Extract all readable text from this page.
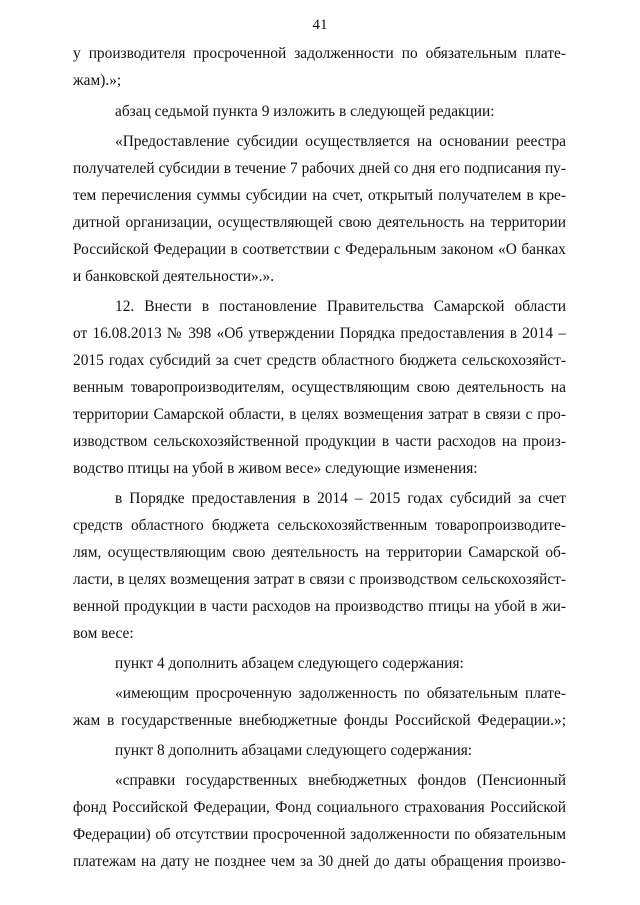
41
у производителя просроченной задолженности по обязательным плате-
жам).»;
абзац седьмой пункта 9 изложить в следующей редакции:
«Предоставление субсидии осуществляется на основании реестра
получателей субсидии в течение 7 рабочих дней со дня его подписания пу-
тем перечисления суммы субсидии на счет, открытый получателем в кре-
дитной организации, осуществляющей свою деятельность на территории
Российской Федерации в соответствии с Федеральным законом «О банках
и банковской деятельности».».
12. Внести в постановление Правительства Самарской области
от 16.08.2013 № 398 «Об утверждении Порядка предоставления в 2014 –
2015 годах субсидий за счет средств областного бюджета сельскохозяйст-
венным товаропроизводителям, осуществляющим свою деятельность на
территории Самарской области, в целях возмещения затрат в связи с про-
изводством сельскохозяйственной продукции в части расходов на произ-
водство птицы на убой в живом весе» следующие изменения:
в Порядке предоставления в 2014 – 2015 годах субсидий за счет
средств областного бюджета сельскохозяйственным товаропроизводите-
лям, осуществляющим свою деятельность на территории Самарской об-
ласти, в целях возмещения затрат в связи с производством сельскохозяйст-
венной продукции в части расходов на производство птицы на убой в жи-
вом весе:
пункт 4 дополнить абзацем следующего содержания:
«имеющим просроченную задолженность по обязательным плате-
жам в государственные внебюджетные фонды Российской Федерации.»;
пункт 8 дополнить абзацами следующего содержания:
«справки государственных внебюджетных фондов (Пенсионный
фонд Российской Федерации, Фонд социального страхования Российской
Федерации) об отсутствии просроченной задолженности по обязательным
платежам на дату не позднее чем за 30 дней до даты обращения произво-
